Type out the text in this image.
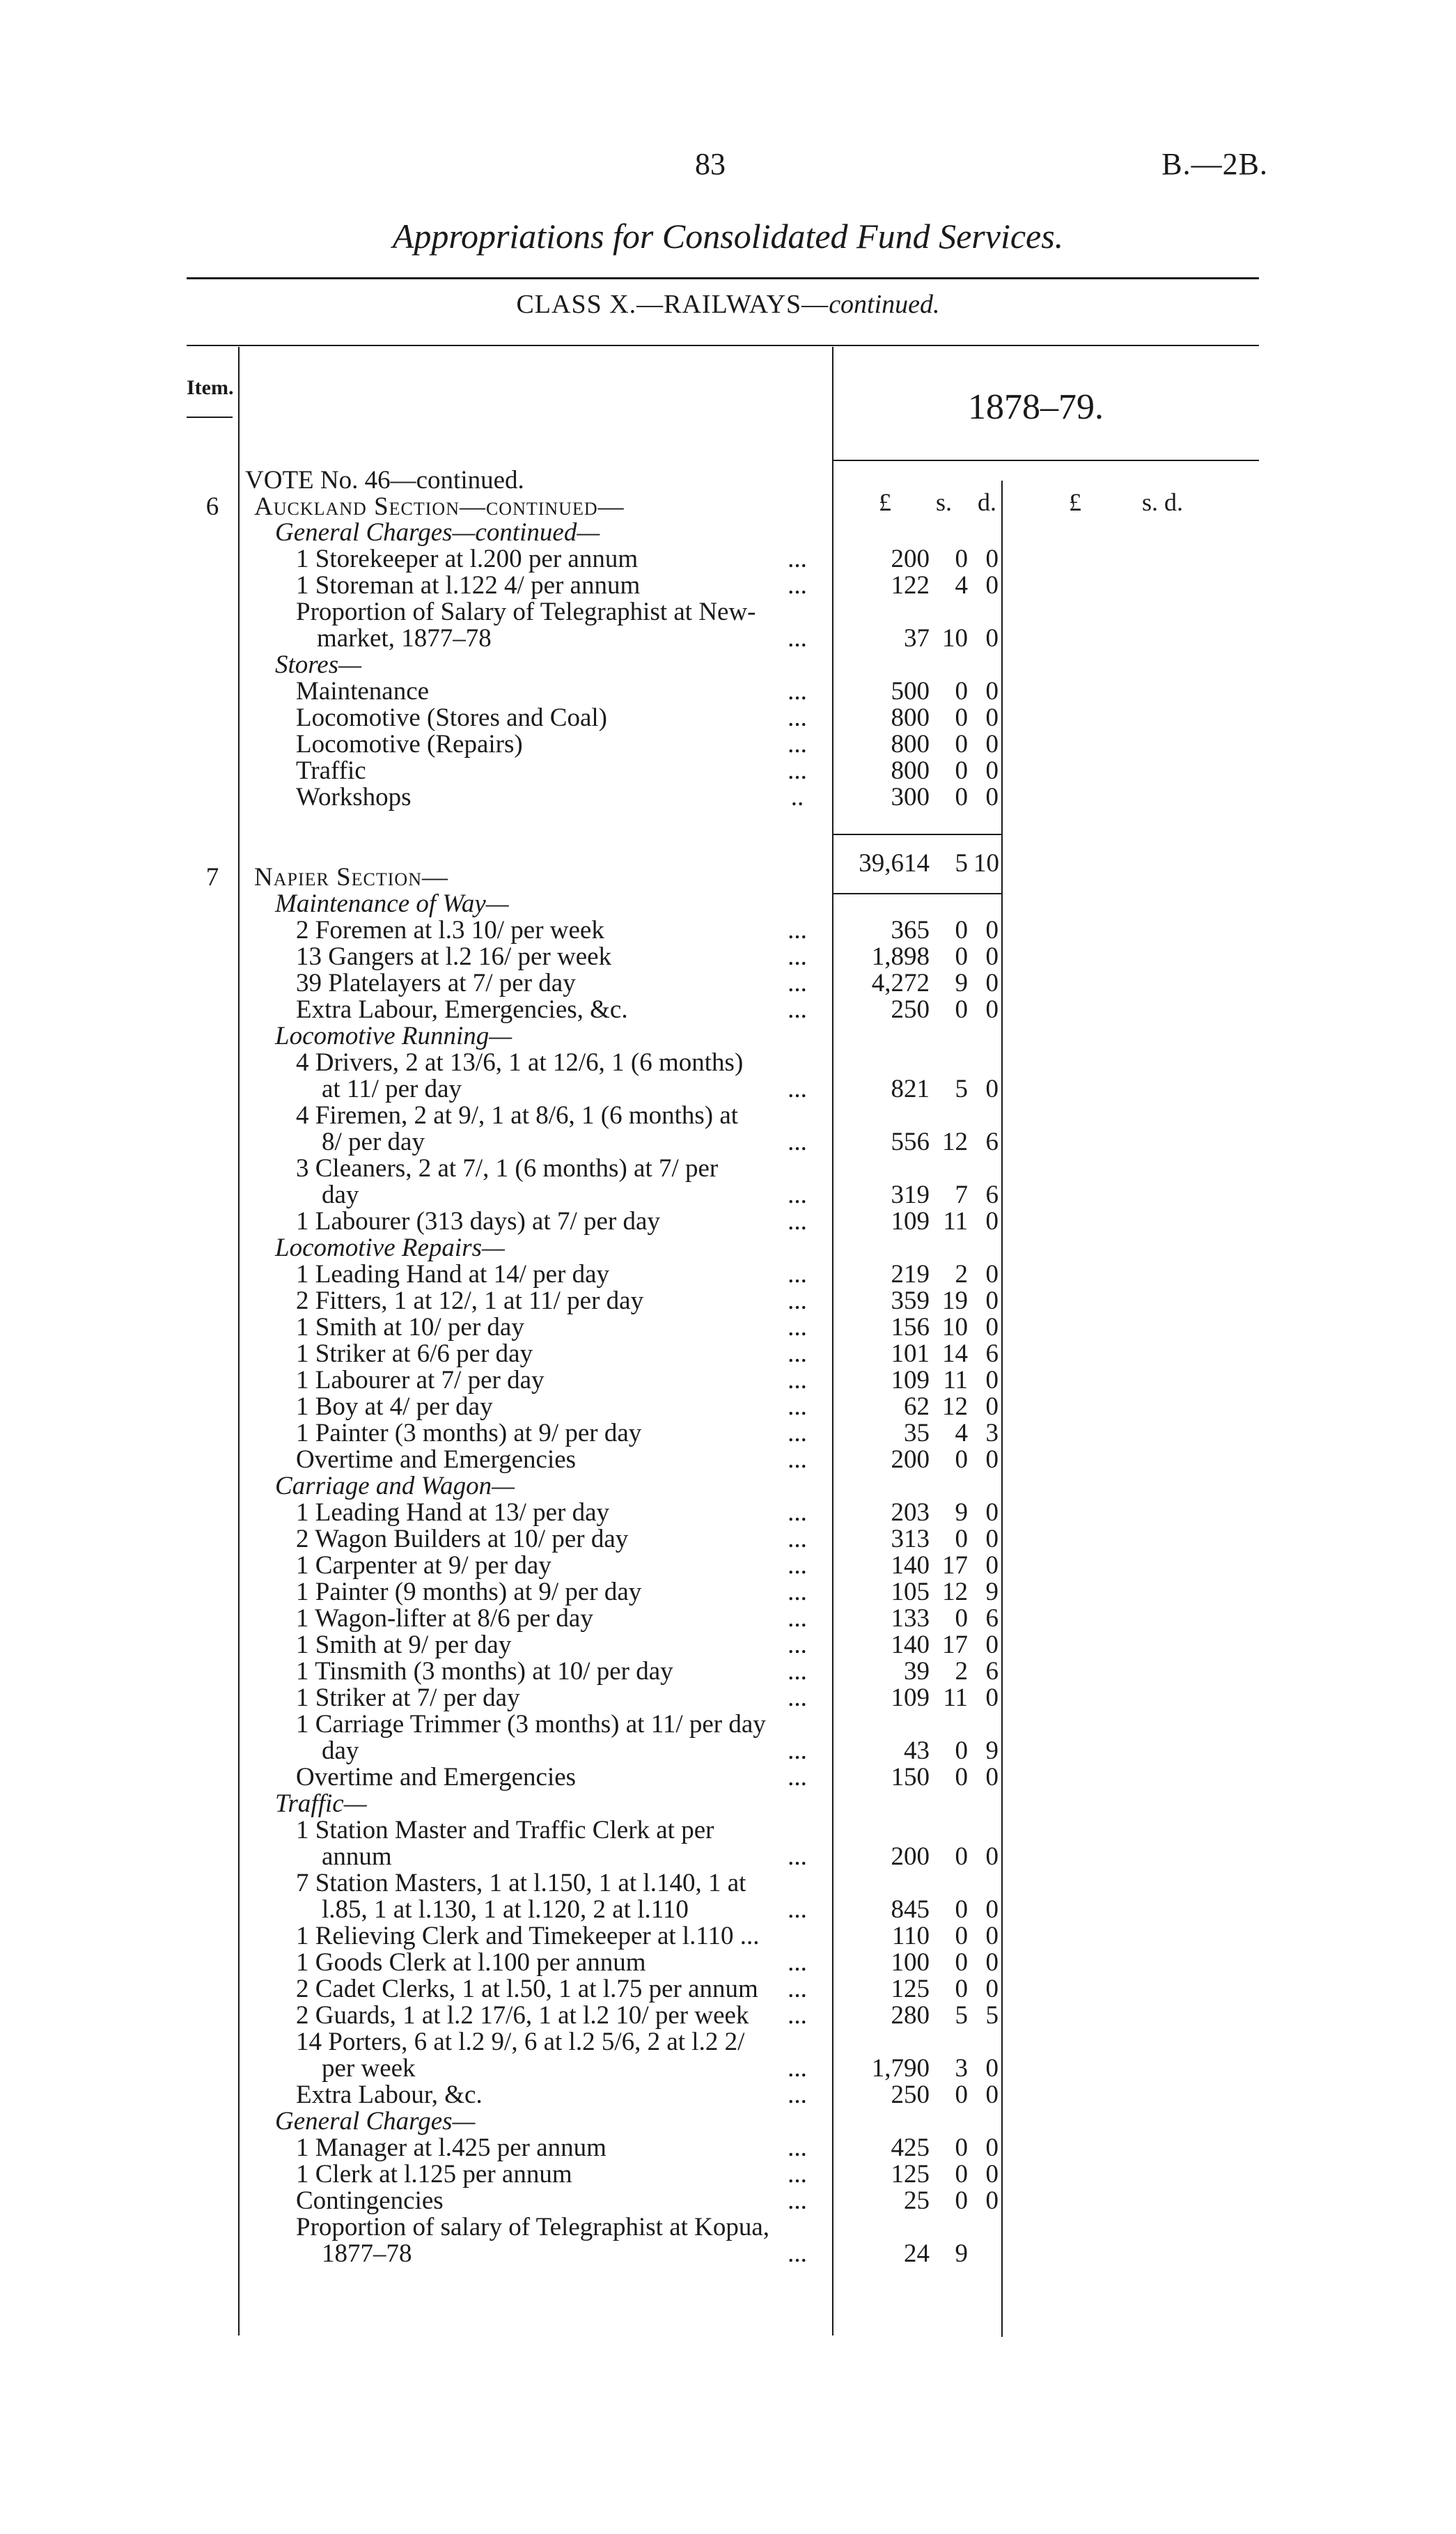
83	B.—2B.
Appropriations for Consolidated Fund Services.
CLASS X.—RAILWAYS—continued.
Item.	1878–79.
£ s. d.	£ s. d.
VOTE No. 46—continued.
6 Auckland Section—continued—
General Charges—continued—
1 Storekeeper at l.200 per annum	...	200 0 0
1 Storeman at l.122 4/ per annum	...	122 4 0
Proportion of Salary of Telegraphist at New-
market, 1877–78	...	37 10 0
Stores—
Maintenance	...	500 0 0
Locomotive (Stores and Coal)	...	800 0 0
Locomotive (Repairs)	...	800 0 0
Traffic	...	800 0 0
Workshops	..	300 0 0
39,614 5 10
7 Napier Section—
Maintenance of Way—
2 Foremen at l.3 10/ per week	...	365 0 0
13 Gangers at l.2 16/ per week	...	1,898 0 0
39 Platelayers at 7/ per day	...	4,272 9 0
Extra Labour, Emergencies, &c.	...	250 0 0
Locomotive Running—
4 Drivers, 2 at 13/6, 1 at 12/6, 1 (6 months)
at 11/ per day	...	821 5 0
4 Firemen, 2 at 9/, 1 at 8/6, 1 (6 months) at
8/ per day	...	556 12 6
3 Cleaners, 2 at 7/, 1 (6 months) at 7/ per
day	...	319 7 6
1 Labourer (313 days) at 7/ per day	...	109 11 0
Locomotive Repairs—
1 Leading Hand at 14/ per day	...	219 2 0
2 Fitters, 1 at 12/, 1 at 11/ per day	...	359 19 0
1 Smith at 10/ per day	...	156 10 0
1 Striker at 6/6 per day	...	101 14 6
1 Labourer at 7/ per day	...	109 11 0
1 Boy at 4/ per day	...	62 12 0
1 Painter (3 months) at 9/ per day	...	35 4 3
Overtime and Emergencies	...	200 0 0
Carriage and Wagon—
1 Leading Hand at 13/ per day	...	203 9 0
2 Wagon Builders at 10/ per day	...	313 0 0
1 Carpenter at 9/ per day	...	140 17 0
1 Painter (9 months) at 9/ per day	...	105 12 9
1 Wagon-lifter at 8/6 per day	...	133 0 6
1 Smith at 9/ per day	...	140 17 0
1 Tinsmith (3 months) at 10/ per day	...	39 2 6
1 Striker at 7/ per day	...	109 11 0
1 Carriage Trimmer (3 months) at 11/ per day
day	...	43 0 9
Overtime and Emergencies	...	150 0 0
Traffic—
1 Station Master and Traffic Clerk at per
annum	...	200 0 0
7 Station Masters, 1 at l.150, 1 at l.140, 1 at
l.85, 1 at l.130, 1 at l.120, 2 at l.110	...	845 0 0
1 Relieving Clerk and Timekeeper at l.110 ...	110 0 0
1 Goods Clerk at l.100 per annum	...	100 0 0
2 Cadet Clerks, 1 at l.50, 1 at l.75 per annum	...	125 0 0
2 Guards, 1 at l.2 17/6, 1 at l.2 10/ per week	...	280 5 5
14 Porters, 6 at l.2 9/, 6 at l.2 5/6, 2 at l.2 2/
per week	...	1,790 3 0
Extra Labour, &c.	...	250 0 0
General Charges—
1 Manager at l.425 per annum	...	425 0 0
1 Clerk at l.125 per annum	...	125 0 0
Contingencies	...	25 0 0
Proportion of salary of Telegraphist at Kopua,
1877–78	...	24 9
